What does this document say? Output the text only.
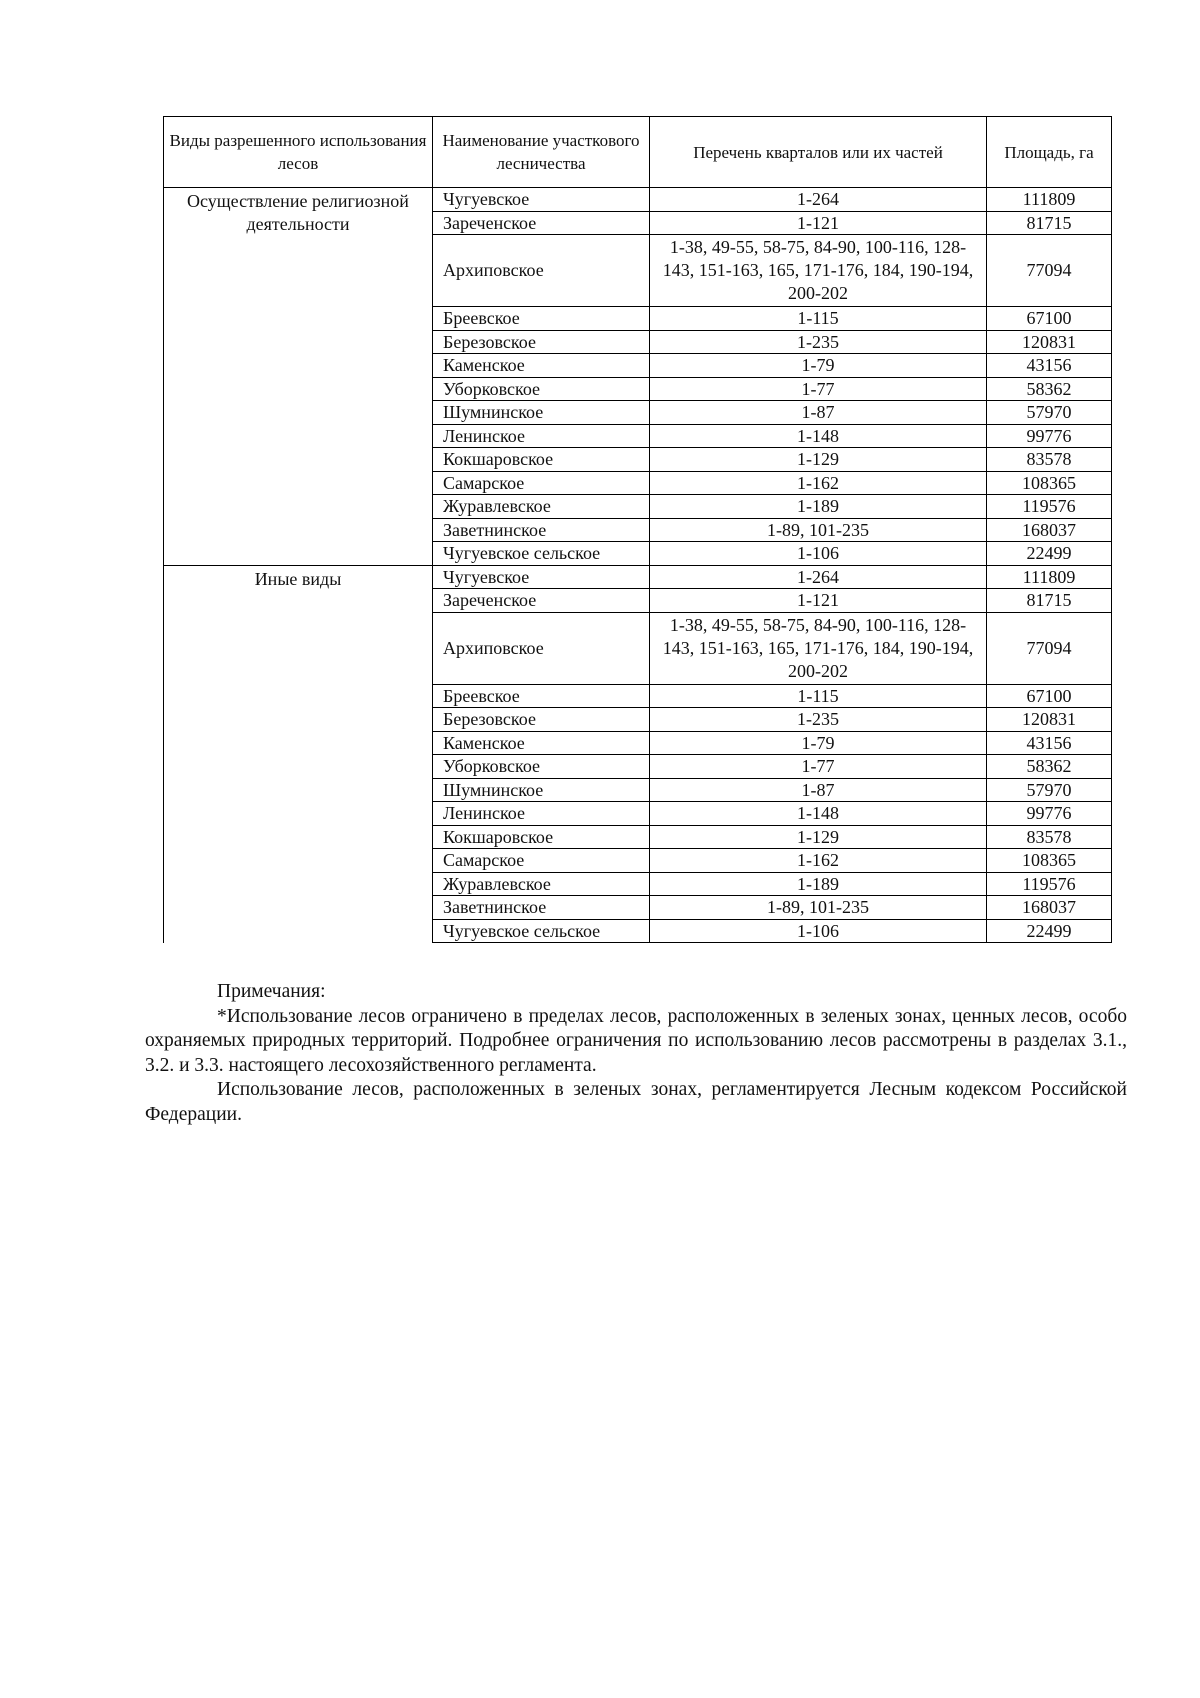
Виды разрешенного использования лесов	Наименование участкового лесничества	Перечень кварталов или их частей	Площадь, га
Осуществление религиозной деятельности	Чугуевское	1-264	111809
	Зареченское	1-121	81715
	Архиповское	1-38, 49-55, 58-75, 84-90, 100-116, 128-143, 151-163, 165, 171-176, 184, 190-194, 200-202	77094
	Бреевское	1-115	67100
	Березовское	1-235	120831
	Каменское	1-79	43156
	Уборковское	1-77	58362
	Шумнинское	1-87	57970
	Ленинское	1-148	99776
	Кокшаровское	1-129	83578
	Самарское	1-162	108365
	Журавлевское	1-189	119576
	Заветнинское	1-89, 101-235	168037
	Чугуевское сельское	1-106	22499
Иные виды	Чугуевское	1-264	111809
	Зареченское	1-121	81715
	Архиповское	1-38, 49-55, 58-75, 84-90, 100-116, 128-143, 151-163, 165, 171-176, 184, 190-194, 200-202	77094
	Бреевское	1-115	67100
	Березовское	1-235	120831
	Каменское	1-79	43156
	Уборковское	1-77	58362
	Шумнинское	1-87	57970
	Ленинское	1-148	99776
	Кокшаровское	1-129	83578
	Самарское	1-162	108365
	Журавлевское	1-189	119576
	Заветнинское	1-89, 101-235	168037
	Чугуевское сельское	1-106	22499

Примечания:

*Использование лесов ограничено в пределах лесов, расположенных в зеленых зонах, ценных лесов, особо охраняемых природных территорий. Подробнее ограничения по использованию лесов рассмотрены в разделах 3.1., 3.2. и 3.3. настоящего лесохозяйственного регламента.

Использование лесов, расположенных в зеленых зонах, регламентируется Лесным кодексом Российской Федерации.
